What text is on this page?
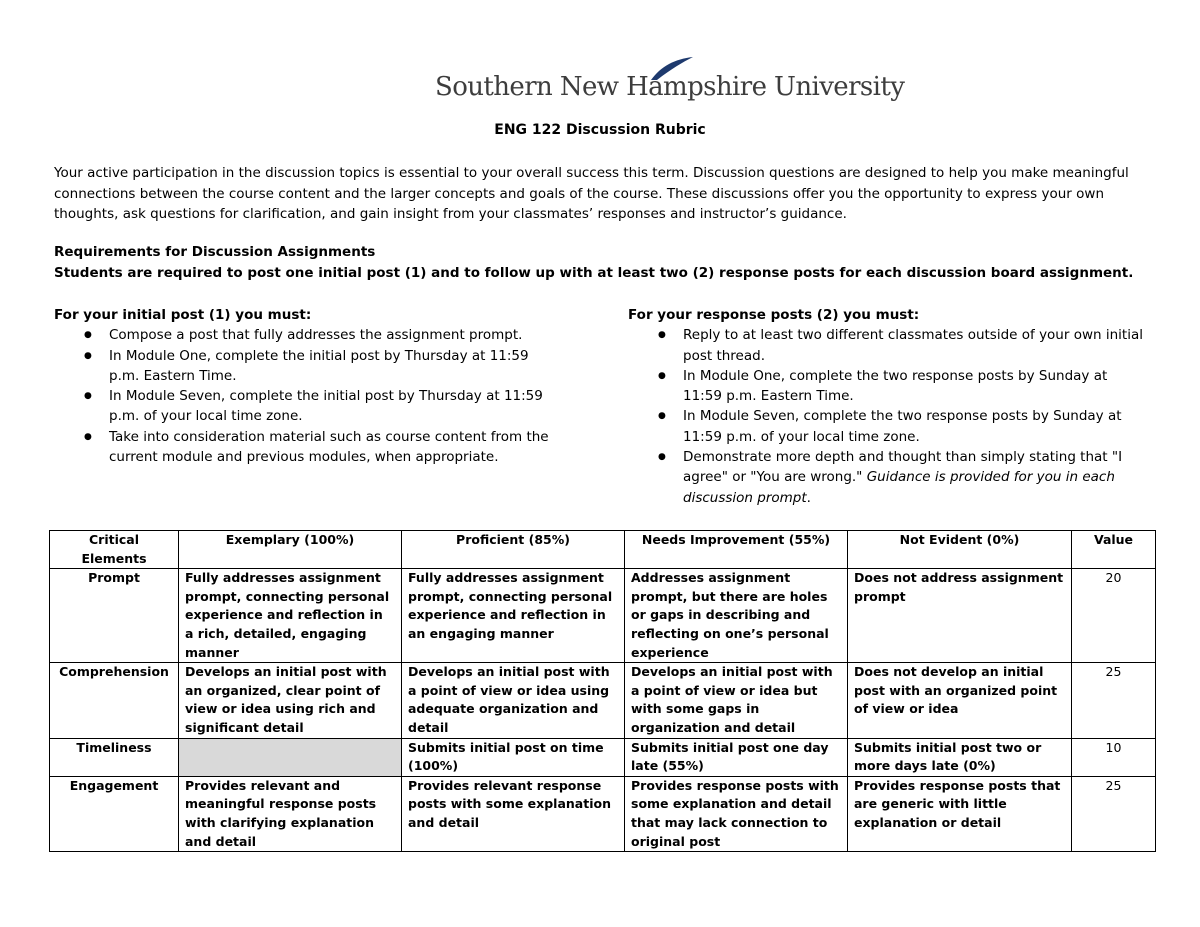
Southern New Hampshire University
ENG 122 Discussion Rubric

Your active participation in the discussion topics is essential to your overall success this term. Discussion questions are designed to help you make meaningful connections between the course content and the larger concepts and goals of the course. These discussions offer you the opportunity to express your own thoughts, ask questions for clarification, and gain insight from your classmates’ responses and instructor’s guidance.

Requirements for Discussion Assignments

Students are required to post one initial post (1) and to follow up with at least two (2) response posts for each discussion board assignment.

For your initial post (1) you must:

● Compose a post that fully addresses the assignment prompt.
● In Module One, complete the initial post by Thursday at 11:59 p.m. Eastern Time.
● In Module Seven, complete the initial post by Thursday at 11:59 p.m. of your local time zone.
● Take into consideration material such as course content from the current module and previous modules, when appropriate.

For your response posts (2) you must:

● Reply to at least two different classmates outside of your own initial post thread.
● In Module One, complete the two response posts by Sunday at 11:59 p.m. Eastern Time.
● In Module Seven, complete the two response posts by Sunday at 11:59 p.m. of your local time zone.
● Demonstrate more depth and thought than simply stating that "I agree" or "You are wrong." Guidance is provided for you in each discussion prompt.
Critical Elements	Exemplary (100%)	Proficient (85%)	Needs Improvement (55%)	Not Evident (0%)	Value
Prompt	Fully addresses assignment prompt, connecting personal experience and reflection in a rich, detailed, engaging manner	Fully addresses assignment prompt, connecting personal experience and reflection in an engaging manner	Addresses assignment prompt, but there are holes or gaps in describing and reflecting on one’s personal experience	Does not address assignment prompt	20
Comprehension	Develops an initial post with an organized, clear point of view or idea using rich and significant detail	Develops an initial post with a point of view or idea using adequate organization and detail	Develops an initial post with a point of view or idea but with some gaps in organization and detail	Does not develop an initial post with an organized point of view or idea	25
Timeliness		Submits initial post on time (100%)	Submits initial post one day late (55%)	Submits initial post two or more days late (0%)	10
Engagement	Provides relevant and meaningful response posts with clarifying explanation and detail	Provides relevant response posts with some explanation and detail	Provides response posts with some explanation and detail that may lack connection to original post	Provides response posts that are generic with little explanation or detail	25
